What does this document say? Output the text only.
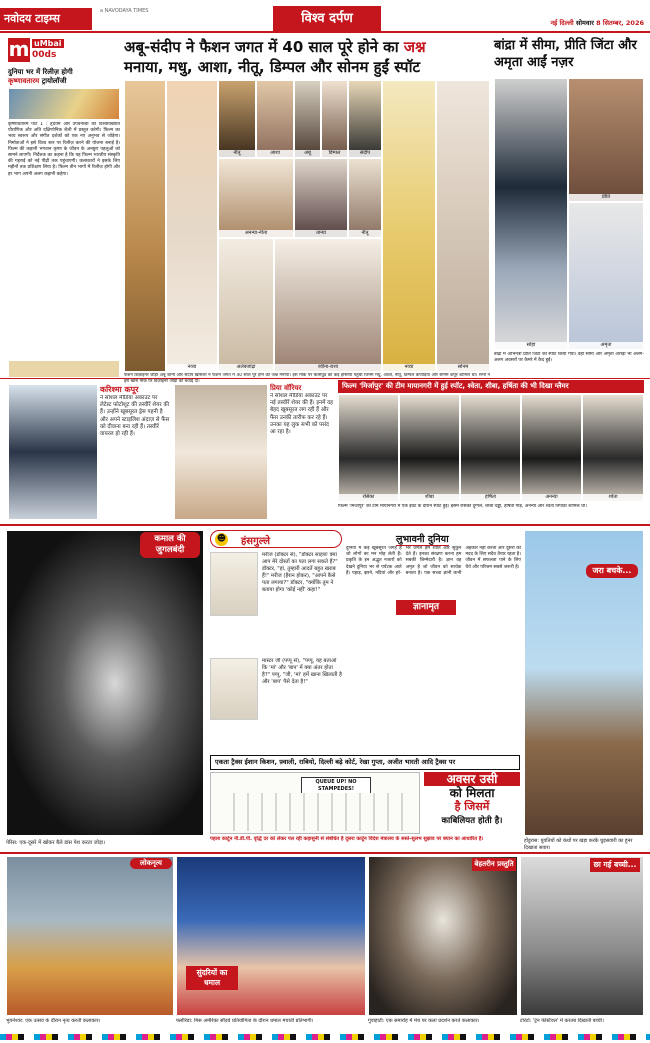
नवोदय टाइम्स
a NAVODAYA TIMES	विश्व दर्पण	नई दिल्ली सोमवार 8 सितम्बर, 2026
m uMbai
00ds
दुनिया भर में रिलीज़ होगी
कृष्णावतारम ट्रायोलॉजी
कृष्णावतारम पार्ट 1 : हृदयम और उपवनेश्वी को विश्वविख्यात पौराणिक और अति दक्षिणोनिक शैली में प्रस्तुत करेगी। फिल्म का भव्य स्वरूप और संगीत दर्शकों को एक नए अनुभव से जोड़ेगा। निर्माताओं ने इसे विश्व स्तर पर रिलीज़ करने की योजना बनाई है। फिल्म की कहानी भगवान कृष्ण के जीवन के अनछुए पहलुओं को सामने लाएगी। निर्देशक का कहना है कि यह फिल्म भारतीय संस्कृति की गहराई को नई पीढ़ी तक पहुंचाएगी। कलाकारों ने इसके लिए महीनों तक प्रशिक्षण लिया है। फिल्म तीन भागों में रिलीज़ होगी और हर भाग अपनी अलग कहानी कहेगा।
अबू-संदीप ने फैशन जगत में 40 साल पूरे होने का जश्न
मनाया, मधु, आशा, नीतू, डिम्पल और सोनम हुईं स्पॉट
नव्या
नीतू	आशा	अबू	डिम्पल	संदीप
अनन्या-नीता	तान्या	नीतू
अलेक्जांद्रा	रवीना-राशा	नव्या	सोनम
फैशन डिज़ाइनर जोड़ी अबू जानी और संदीप खोसला ने फैशन जगत में 40 साल पूरे होने का जश्न मनाया। इस मौके पर बॉलीवुड की कई हस्तियां पहुंचीं जिनमें मधु, आशा, नीतू, डिम्पल कपाड़िया और सोनम कपूर शामिल थीं। सभी ने इस खास मौके पर डिज़ाइनर जोड़ी को बधाई दी।
बांद्रा में सीमा, प्रीति जिंटा और अमृता आईं नज़र
सोहा
प्रीति
अमृता
बांद्रा में अभिनेत्री प्रीति जिंटा को स्पॉट किया गया। वहीं सीमा और अमृता अरोड़ा भी अलग-अलग अवसरों पर कैमरे में कैद हुईं।
करिश्मा कपूर
ने सोशल मीडिया अकाउंट पर लेटेस्ट फोटोशूट की तस्वीरें शेयर की हैं। उन्होंने खूबसूरत ड्रेस पहनी है और अपने स्टाइलिश अंदाज़ से फैंस को दीवाना बना रही हैं। तस्वीरें वायरल हो रही हैं।
प्रिया वॉरियर
ने सोशल मीडिया अकाउंट पर नई तस्वीरें शेयर की हैं। इनमें वह बेहद खूबसूरत लग रही हैं और फैंस उनकी तारीफ कर रहे हैं। उनका यह लुक सभी को पसंद आ रहा है।
फिल्म 'मिर्जापुर' की टीम मायानगरी में हुई स्पॉट, श्वेता, शीबा, हर्षिता की भी दिखा ग्लैमर
रसिका	शीबा	हर्षिता	अनन्या	श्वेता
फिल्म 'मिर्जापुर' की टीम मायानगरी में एक इवेंट के दौरान स्पॉट हुई। इसमें रसिका दुग्गल, शीबा चड्ढा, हर्षिता गौड़, अनन्या और श्वेता त्रिपाठी शामिल थीं।
कमाल की जुगलबंदी
पेरिस: एक-दूसरे में खोकर बैले डांस पेश करता जोड़ा।
☻ हंसगुल्ले
मरीज (डॉक्टर से), "डॉक्टर साहब! क्या आप मेरे दोस्तों का पता लगा सकते हैं?" डॉक्टर, "हां, तुम्हारी आदतें बहुत खराब हैं!" मरीज (हैरान होकर), "आपने कैसे पता लगाया?" डॉक्टर, "क्योंकि तुम ने बताया होगा 'कोई नहीं' कहा!"
मास्टर जी (पप्पू से), "पप्पू, यह बताओ कि 'मां' और 'बाप' में क्या अंतर होता है?" पप्पू, "जी, 'मां' हमें खाना खिलाती है और 'बाप' पैसे देता है!"
लुभावनी दुनिया
ज्ञानामृत
दुनिया में कई खूबसूरत जगहें हैं जो लोगों का मन मोह लेती हैं। प्रकृति के इन अद्भुत नजारों को देखने दुनिया भर से पर्यटक आते हैं। पहाड़, झरने, नदियां और हरे-भरे जंगल हमें शांति और सुकून देते हैं। इनका संरक्षण करना हम सबकी जिम्मेदारी है। ज्ञान वह अमृत है जो जीवन को सार्थक बनाता है। एक सच्चा ज्ञानी कभी अहंकार नहीं करता और दूसरों की मदद के लिए सदैव तैयार रहता है। जीवन में सफलता पाने के लिए धैर्य और परिश्रम सबसे जरूरी हैं।	जरा बचके...
होंडुरास: युवतियों को कंधों पर खड़ा करके घुड़सवारी का हुनर दिखाता सवार।
एकता ट्रैक्स ईशान किशन, फ़्वाली, राबियो, दिल्ली बढ़े कोर्ट, रेखा गुप्ता, अजीत भारती आदि ट्रैक्स पर
QUEUE UP! NO STAMPEDES!
पहला कार्टून नी.डी.पी. वृद्धि दर को लेकर पल रही कहासुनी से संबंधित है दूसरा कार्टून विदेश मंत्रालय के सस्ते-सुलभ सुझाव पर बयान का आधारित है।
अवसर उसी
को मिलता
है जिसमें
काबिलियत होती है।
लोकनृत्य
भुवनेश्वर: एक उत्सव के दौरान नृत्य करती कलाकार।
सुंदरियों का धमाल
फ्लोरिडा: मिस अमेरिका सौंदर्य प्रतियोगिता के दौरान धमाल मचाती प्रतिभागी।
बेहतरीन प्रस्तुति
गुवाहाटी: एक समारोह में मंच पर कला प्रदर्शन करते कलाकार।
छा गई बच्ची...
टोरंटो: 'ट्रेन फेस्टिवल' में करतब दिखाती बच्ची।
